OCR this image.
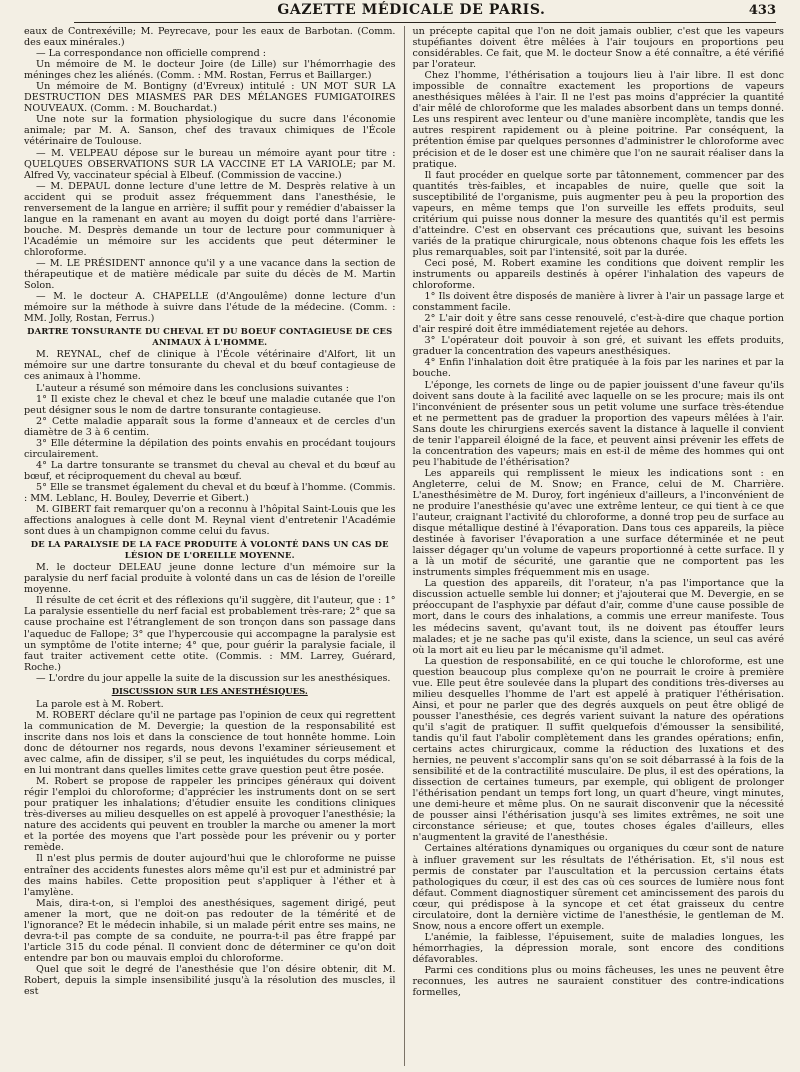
GAZETTE MÉDICALE DE PARIS.	433

eaux de Contrexéville; M. Peyrecave, pour les eaux de Barbotan. (Comm. des eaux minérales.)

— La correspondance non officielle comprend :

Un mémoire de M. le docteur Joire (de Lille) sur l'hémorrhagie des méninges chez les aliénés. (Comm. : MM. Rostan, Ferrus et Baillarger.)

Un mémoire de M. Bontigny (d'Evreux) intitulé : UN MOT SUR LA DESTRUCTION DES MIASMES PAR DES MÉLANGES FUMIGATOIRES NOUVEAUX. (Comm. : M. Bouchardat.)

Une note sur la formation physiologique du sucre dans l'économie animale; par M. A. Sanson, chef des travaux chimiques de l'École vétérinaire de Toulouse.

— M. VELPEAU dépose sur le bureau un mémoire ayant pour titre : QUELQUES OBSERVATIONS SUR LA VACCINE ET LA VARIOLE; par M. Alfred Vy, vaccinateur spécial à Elbeuf. (Commission de vaccine.)

— M. DEPAUL donne lecture d'une lettre de M. Desprès relative à un accident qui se produit assez fréquemment dans l'anesthésie, le renversement de la langue en arrière; il suffit pour y remédier d'abaisser la langue en la ramenant en avant au moyen du doigt porté dans l'arrière-bouche. M. Desprès demande un tour de lecture pour communiquer à l'Académie un mémoire sur les accidents que peut déterminer le chloroforme.

— M. LE PRÉSIDENT annonce qu'il y a une vacance dans la section de thérapeutique et de matière médicale par suite du décès de M. Martin Solon.

— M. le docteur A. CHAPELLE (d'Angoulême) donne lecture d'un mémoire sur la méthode à suivre dans l'étude de la médecine. (Comm. : MM. Jolly, Rostan, Ferrus.)

DARTRE TONSURANTE DU CHEVAL ET DU BOEUF CONTAGIEUSE DE CES ANIMAUX À L'HOMME.

M. REYNAL, chef de clinique à l'École vétérinaire d'Alfort, lit un mémoire sur une dartre tonsurante du cheval et du bœuf contagieuse de ces animaux à l'homme.

L'auteur a résumé son mémoire dans les conclusions suivantes :

1° Il existe chez le cheval et chez le bœuf une maladie cutanée que l'on peut désigner sous le nom de dartre tonsurante contagieuse.

2° Cette maladie apparaît sous la forme d'anneaux et de cercles d'un diamètre de 3 à 6 centim.

3° Elle détermine la dépilation des points envahis en procédant toujours circulairement.

4° La dartre tonsurante se transmet du cheval au cheval et du bœuf au bœuf, et réciproquement du cheval au bœuf.

5° Elle se transmet également du cheval et du bœuf à l'homme. (Commis. : MM. Leblanc, H. Bouley, Deverrie et Gibert.)

M. GIBERT fait remarquer qu'on a reconnu à l'hôpital Saint-Louis que les affections analogues à celle dont M. Reynal vient d'entretenir l'Académie sont dues à un champignon comme celui du favus.

DE LA PARALYSIE DE LA FACE PRODUITE À VOLONTÉ DANS UN CAS DE LÉSION DE L'OREILLE MOYENNE.

M. le docteur DELEAU jeune donne lecture d'un mémoire sur la paralysie du nerf facial produite à volonté dans un cas de lésion de l'oreille moyenne.

Il résulte de cet écrit et des réflexions qu'il suggère, dit l'auteur, que : 1° La paralysie essentielle du nerf facial est probablement très-rare; 2° que sa cause prochaine est l'étranglement de son tronçon dans son passage dans l'aqueduc de Fallope; 3° que l'hypercousie qui accompagne la paralysie est un symptôme de l'otite interne; 4° que, pour guérir la paralysie faciale, il faut traiter activement cette otite. (Commis. : MM. Larrey, Guérard, Roche.)

— L'ordre du jour appelle la suite de la discussion sur les anesthésiques.

DISCUSSION SUR LES ANESTHÉSIQUES.

La parole est à M. Robert.

M. ROBERT déclare qu'il ne partage pas l'opinion de ceux qui regrettent la communication de M. Devergie; la question de la responsabilité est inscrite dans nos lois et dans la conscience de tout honnête homme. Loin donc de détourner nos regards, nous devons l'examiner sérieusement et avec calme, afin de dissiper, s'il se peut, les inquiétudes du corps médical, en lui montrant dans quelles limites cette grave question peut être posée.

M. Robert se propose de rappeler les principes généraux qui doivent régir l'emploi du chloroforme; d'apprécier les instruments dont on se sert pour pratiquer les inhalations; d'étudier ensuite les conditions cliniques très-diverses au milieu desquelles on est appelé à provoquer l'anesthésie; la nature des accidents qui peuvent en troubler la marche ou amener la mort et la portée des moyens que l'art possède pour les prévenir ou y porter remède.

Il n'est plus permis de douter aujourd'hui que le chloroforme ne puisse entraîner des accidents funestes alors même qu'il est pur et administré par des mains habiles. Cette proposition peut s'appliquer à l'éther et à l'amylène.

Mais, dira-t-on, si l'emploi des anesthésiques, sagement dirigé, peut amener la mort, que ne doit-on pas redouter de la témérité et de l'ignorance? Et le médecin inhabile, si un malade périt entre ses mains, ne devra-t-il pas compte de sa conduite, ne pourra-t-il pas être frappé par l'article 315 du code pénal. Il convient donc de déterminer ce qu'on doit entendre par bon ou mauvais emploi du chloroforme.

Quel que soit le degré de l'anesthésie que l'on désire obtenir, dit M. Robert, depuis la simple insensibilité jusqu'à la résolution des muscles, il est

un précepte capital que l'on ne doit jamais oublier, c'est que les vapeurs stupéfiantes doivent être mêlées à l'air toujours en proportions peu considérables. Ce fait, que M. le docteur Snow a été connaître, a été vérifié par l'orateur.

Chez l'homme, l'éthérisation a toujours lieu à l'air libre. Il est donc impossible de connaître exactement les proportions de vapeurs anesthésiques mêlées à l'air. Il ne l'est pas moins d'apprécier la quantité d'air mêlé de chloroforme que les malades absorbent dans un temps donné. Les uns respirent avec lenteur ou d'une manière incomplète, tandis que les autres respirent rapidement ou à pleine poitrine. Par conséquent, la prétention émise par quelques personnes d'administrer le chloroforme avec précision et de le doser est une chimère que l'on ne saurait réaliser dans la pratique.

Il faut procéder en quelque sorte par tâtonnement, commencer par des quantités très-faibles, et incapables de nuire, quelle que soit la susceptibilité de l'organisme, puis augmenter peu à peu la proportion des vapeurs, en même temps que l'on surveille les effets produits, seul critérium qui puisse nous donner la mesure des quantités qu'il est permis d'atteindre. C'est en observant ces précautions que, suivant les besoins variés de la pratique chirurgicale, nous obtenons chaque fois les effets les plus remarquables, soit par l'intensité, soit par la durée.

Ceci posé, M. Robert examine les conditions que doivent remplir les instruments ou appareils destinés à opérer l'inhalation des vapeurs de chloroforme.

1° Ils doivent être disposés de manière à livrer à l'air un passage large et constamment facile.

2° L'air doit y être sans cesse renouvelé, c'est-à-dire que chaque portion d'air respiré doit être immédiatement rejetée au dehors.

3° L'opérateur doit pouvoir à son gré, et suivant les effets produits, graduer la concentration des vapeurs anesthésiques.

4° Enfin l'inhalation doit être pratiquée à la fois par les narines et par la bouche.

L'éponge, les cornets de linge ou de papier jouissent d'une faveur qu'ils doivent sans doute à la facilité avec laquelle on se les procure; mais ils ont l'inconvénient de présenter sous un petit volume une surface très-étendue et ne permettent pas de graduer la proportion des vapeurs mêlées à l'air. Sans doute les chirurgiens exercés savent la distance à laquelle il convient de tenir l'appareil éloigné de la face, et peuvent ainsi prévenir les effets de la concentration des vapeurs; mais en est-il de même des hommes qui ont peu l'habitude de l'éthérisation?

Les appareils qui remplissent le mieux les indications sont : en Angleterre, celui de M. Snow; en France, celui de M. Charrière. L'anesthésimètre de M. Duroy, fort ingénieux d'ailleurs, a l'inconvénient de ne produire l'anesthésie qu'avec une extrême lenteur, ce qui tient à ce que l'auteur, craignant l'activité du chloroforme, a donné trop peu de surface au disque métallique destiné à l'évaporation. Dans tous ces appareils, la pièce destinée à favoriser l'évaporation a une surface déterminée et ne peut laisser dégager qu'un volume de vapeurs proportionné à cette surface. Il y a là un motif de sécurité, une garantie que ne comportent pas les instruments simples fréquemment mis en usage.

La question des appareils, dit l'orateur, n'a pas l'importance que la discussion actuelle semble lui donner; et j'ajouterai que M. Devergie, en se préoccupant de l'asphyxie par défaut d'air, comme d'une cause possible de mort, dans le cours des inhalations, a commis une erreur manifeste. Tous les médecins savent, qu'avant tout, ils ne doivent pas étouffer leurs malades; et je ne sache pas qu'il existe, dans la science, un seul cas avéré où la mort ait eu lieu par le mécanisme qu'il admet.

La question de responsabilité, en ce qui touche le chloroforme, est une question beaucoup plus complexe qu'on ne pourrait le croire à première vue. Elle peut être soulevée dans la plupart des conditions très-diverses au milieu desquelles l'homme de l'art est appelé à pratiquer l'éthérisation. Ainsi, et pour ne parler que des degrés auxquels on peut être obligé de pousser l'anesthésie, ces degrés varient suivant la nature des opérations qu'il s'agit de pratiquer. Il suffit quelquefois d'émousser la sensibilité, tandis qu'il faut l'abolir complètement dans les grandes opérations; enfin, certains actes chirurgicaux, comme la réduction des luxations et des hernies, ne peuvent s'accomplir sans qu'on se soit débarrassé à la fois de la sensibilité et de la contractilité musculaire. De plus, il est des opérations, la dissection de certaines tumeurs, par exemple, qui obligent de prolonger l'éthérisation pendant un temps fort long, un quart d'heure, vingt minutes, une demi-heure et même plus. On ne saurait disconvenir que la nécessité de pousser ainsi l'éthérisation jusqu'à ses limites extrêmes, ne soit une circonstance sérieuse; et que, toutes choses égales d'ailleurs, elles n'augmentent la gravité de l'anesthésie.

Certaines altérations dynamiques ou organiques du cœur sont de nature à influer gravement sur les résultats de l'éthérisation. Et, s'il nous est permis de constater par l'auscultation et la percussion certains états pathologiques du cœur, il est des cas où ces sources de lumière nous font défaut. Comment diagnostiquer sûrement cet amincissement des parois du cœur, qui prédispose à la syncope et cet état graisseux du centre circulatoire, dont la dernière victime de l'anesthésie, le gentleman de M. Snow, nous a encore offert un exemple.

L'anémie, la faiblesse, l'épuisement, suite de maladies longues, les hémorrhagies, la dépression morale, sont encore des conditions défavorables.

Parmi ces conditions plus ou moins fâcheuses, les unes ne peuvent être reconnues, les autres ne sauraient constituer des contre-indications formelles,
